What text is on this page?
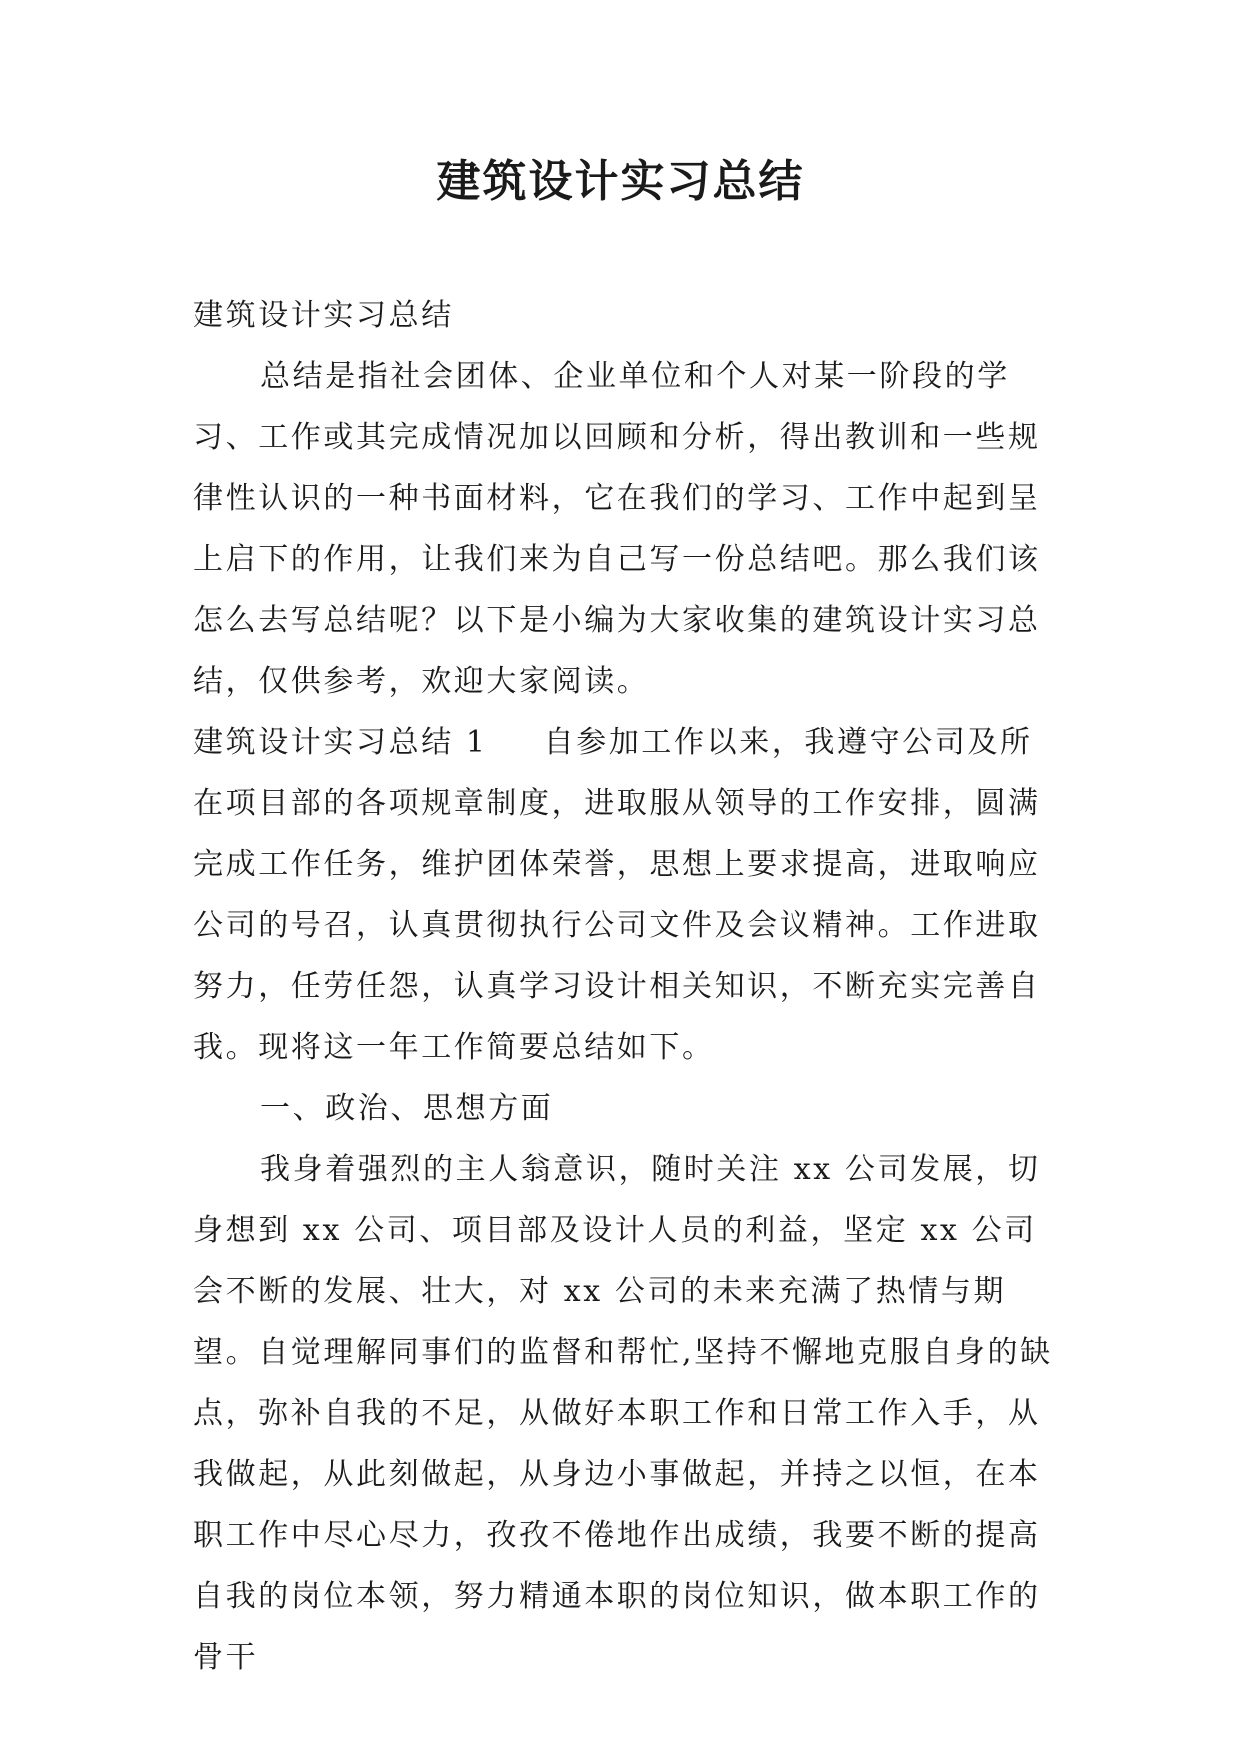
建筑设计实习总结

建筑设计实习总结

总结是指社会团体、企业单位和个人对某一阶段的学习、工作或其完成情况加以回顾和分析，得出教训和一些规律性认识的一种书面材料，它在我们的学习、工作中起到呈上启下的作用，让我们来为自己写一份总结吧。那么我们该怎么去写总结呢？以下是小编为大家收集的建筑设计实习总结，仅供参考，欢迎大家阅读。

建筑设计实习总结 1 自参加工作以来，我遵守公司及所在项目部的各项规章制度，进取服从领导的工作安排，圆满完成工作任务，维护团体荣誉，思想上要求提高，进取响应公司的号召，认真贯彻执行公司文件及会议精神。工作进取努力，任劳任怨，认真学习设计相关知识，不断充实完善自我。现将这一年工作简要总结如下。

一、政治、思想方面

我身着强烈的主人翁意识，随时关注 xx 公司发展，切身想到 xx 公司、项目部及设计人员的利益，坚定 xx 公司会不断的发展、壮大，对 xx 公司的未来充满了热情与期望。自觉理解同事们的监督和帮忙,坚持不懈地克服自身的缺点，弥补自我的不足，从做好本职工作和日常工作入手，从我做起，从此刻做起，从身边小事做起，并持之以恒，在本职工作中尽心尽力，孜孜不倦地作出成绩，我要不断的提高自我的岗位本领，努力精通本职的岗位知识，做本职工作的骨干
